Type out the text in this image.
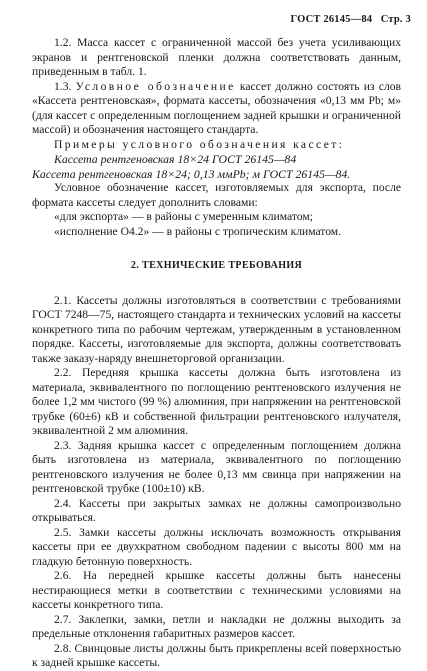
ГОСТ 26145—84 Стр. 3

1.2. Масса кассет с ограниченной массой без учета усиливающих экранов и рентгеновской пленки должна соответствовать данным, приведенным в табл. 1.

1.3. Условное обозначение кассет должно состоять из слов «Кассета рентгеновская», формата кассеты, обозначения «0,13 мм Pb; м» (для кассет с определенным поглощением задней крышки и ограниченной массой) и обозначения настоящего стандарта.

Примеры условного обозначения кассет:

Кассета рентгеновская 18×24 ГОСТ 26145—84

Кассета рентгеновская 18×24; 0,13 ммPb; м ГОСТ 26145—84.

Условное обозначение кассет, изготовляемых для экспорта, после формата кассеты следует дополнить словами:

«для экспорта» — в районы с умеренным климатом;

«исполнение О4.2» — в районы с тропическим климатом.

2. ТЕХНИЧЕСКИЕ ТРЕБОВАНИЯ

2.1. Кассеты должны изготовляться в соответствии с требованиями ГОСТ 7248—75, настоящего стандарта и технических условий на кассеты конкретного типа по рабочим чертежам, утвержденным в установленном порядке. Кассеты, изготовляемые для экспорта, должны соответствовать также заказу-наряду внешнеторговой организации.

2.2. Передняя крышка кассеты должна быть изготовлена из материала, эквивалентного по поглощению рентгеновского излучения не более 1,2 мм чистого (99 %) алюминия, при напряжении на рентгеновской трубке (60±6) кВ и собственной фильтрации рентгеновского излучателя, эквивалентной 2 мм алюминия.

2.3. Задняя крышка кассет с определенным поглощением должна быть изготовлена из материала, эквивалентного по поглощению рентгеновского излучения не более 0,13 мм свинца при напряжении на рентгеновской трубке (100±10) кВ.

2.4. Кассеты при закрытых замках не должны самопроизвольно открываться.

2.5. Замки кассеты должны исключать возможность открывания кассеты при ее двухкратном свободном падении с высоты 800 мм на гладкую бетонную поверхность.

2.6. На передней крышке кассеты должны быть нанесены нестирающиеся метки в соответствии с техническими условиями на кассеты конкретного типа.

2.7. Заклепки, замки, петли и накладки не должны выходить за предельные отклонения габаритных размеров кассет.

2.8. Свинцовые листы должны быть прикреплены всей поверхностью к задней крышке кассеты.
